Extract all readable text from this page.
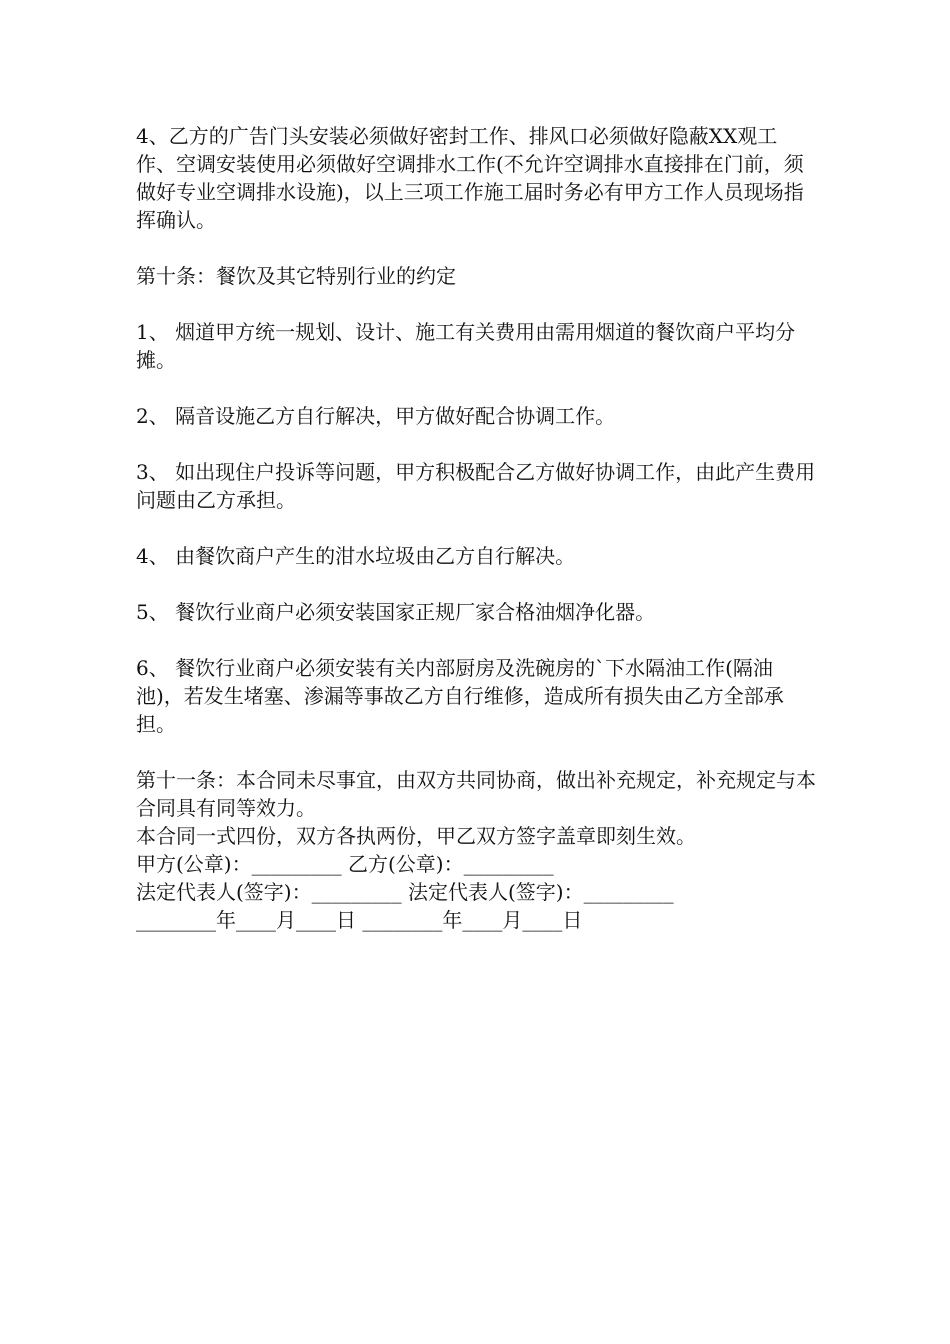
4、乙方的广告门头安装必须做好密封工作、排风口必须做好隐蔽XX观工作、空调安装使用必须做好空调排水工作(不允许空调排水直接排在门前，须做好专业空调排水设施)，以上三项工作施工届时务必有甲方工作人员现场指挥确认。

第十条：餐饮及其它特别行业的约定

1、 烟道甲方统一规划、设计、施工有关费用由需用烟道的餐饮商户平均分摊。

2、 隔音设施乙方自行解决，甲方做好配合协调工作。

3、 如出现住户投诉等问题，甲方积极配合乙方做好协调工作，由此产生费用问题由乙方承担。

4、 由餐饮商户产生的泔水垃圾由乙方自行解决。

5、 餐饮行业商户必须安装国家正规厂家合格油烟净化器。

6、 餐饮行业商户必须安装有关内部厨房及洗碗房的`下水隔油工作(隔油池)，若发生堵塞、渗漏等事故乙方自行维修，造成所有损失由乙方全部承担。

第十一条：本合同未尽事宜，由双方共同协商，做出补充规定，补充规定与本合同具有同等效力。

本合同一式四份，双方各执两份，甲乙双方签字盖章即刻生效。

甲方(公章)：_________ 乙方(公章)：_________

法定代表人(签字)：_________ 法定代表人(签字)：_________

________年____月____日 ________年____月____日
